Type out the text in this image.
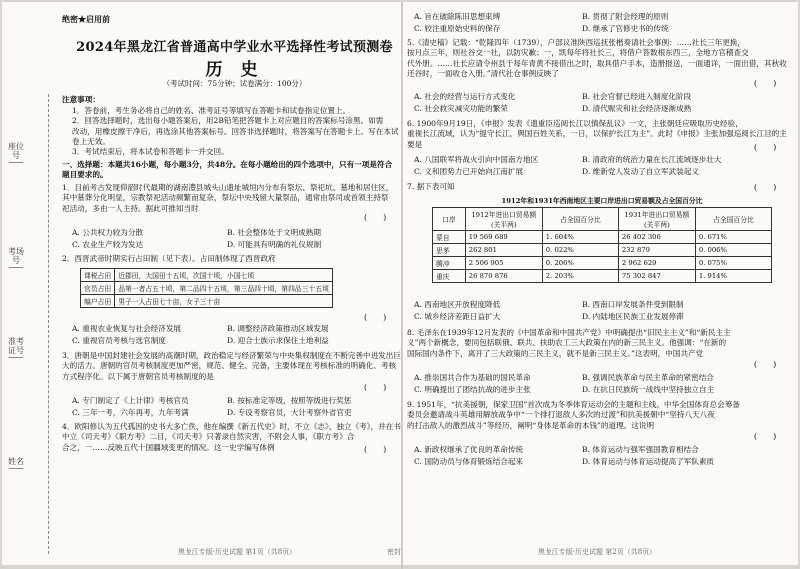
座位号
考场号
准考证号
姓名
绝密★启用前
2024年黑龙江省普通高中学业水平选择性考试预测卷
历 史
（考试时间：75分钟；试卷满分：100分）
注意事项：
1．答卷前，考生务必将自己的姓名、准考证号等填写在答题卡和试卷指定位置上。
2．回答选择题时，选出每小题答案后，用2B铅笔把答题卡上对应题目的答案标号涂黑。如需
改动，用橡皮擦干净后，再选涂其他答案标号。回答非选择题时，将答案写在答题卡上。写在本试
卷上无效。
3．考试结束后，将本试卷和答题卡一并交回。
一、选择题：本题共16小题，每小题3分，共48分。在每小题给出的四个选项中，只有一项是符合
题目要求的。
1．目前考古发现仰韶时代最期的湖南澧县城头山遗址城垣内分布有祭坛、祭祀坑、墓地和居住区，
其中墓葬分化明显，宗教祭祀活动频繁而复杂，祭坛中央残留大量祭品，通常由祭司或首领主持祭
祀活动，多由一人主持。据此可推知当时
(　　)
A. 公共权力较为分散	B. 社会整体处于文明成熟期
C. 农业生产较为发达	D. 可能具有明确的礼仪规制
2．西晋武帝时期实行占田制（见下表）。占田制体现了西晋政府
课税占田	近郡田，大国田十五顷，次国十顷，小国七顷
官员占田	品第一者占五十顷，第二品四十五顷，第三品四十顷，第四品三十五顷
编户占田	男子一人占田七十亩，女子三十亩
(　　)
A. 重视农业恢复与社会经济发展	B. 调整经济政策推动区域发展
C. 重视官员考核与选官制度	D. 迎合士族示求保住土地利益
3．唐朝是中国封建社会发展的高潮时期，政治稳定与经济繁荣与中央集权制度在不断完善中进发出巨
大的活力。唐朝的官员考核制度更加严密，规范、健全、完备，主要体现在考核标准的明确化、考核
方式程序化。以下属于唐朝官员考核制度的是
(　　)
A. 专门制定了《上计律》考核官员	B. 按标准定等级，按照等级进行奖惩
C. 三年一考，六年再考，九年考满	D. 专设考察官员，大计考察外省官吏
4．欧阳修认为五代孤因的史书大多亡佚，他在编撰《新五代史》时，不立《志》，独立《考》，并在书
中立《司天考》《职方考》二目，《司天考》只著录自然灾害，不附会人事，《职方考》合
合之，一……反映五代十国疆域变更的情况。这一史学编写体例	(　　)
黑龙江专版·历史试题 第1页（共8页）	密封
A. 旨在破除陈旧思想束缚	B. 贯彻了附会经理的原则
C. 较注重原始史料的保存	D. 继承了官修史书的传统
5.《清史稿》记载：“乾隆四年（1739），户部议准陕西巡抚张楷奏请社会事例：……社长三年更换，
按月点三年，则社谷交一社，以防灾歉；一，凯每年将社长三，将借户答数根东西三，全地方官稽查交
代外册。……社长应请令州县于每年青黄不接借出之时，取具借户手本，造册报送，一面通详，一面出借，其秋收
还谷时，一面收仓入册。”清代社仓事例反映了
(　　)
A. 社会的经营与运行方式变化	B. 社会官督已经进入制度化阶段
C. 社会救灾减灾功能的繁荣	D. 清代赈灾和社会经济逐渐成熟
6. 1900年9月19日，《申报》发表《遗重臣巡阅长江以慎保乱议》一文，主张朝廷应吸取历史经验，
重视长江流域，认为“提守长江，舆国百姓关系，一日，以保护长江为主”。此时《申报》主张加强巡阅长江目的主要是	(　　)
A. 八国联军将战火引向中国南方地区	B. 清政府的统治力量在长江流域逐步壮大
C. 义和团势力已开始向江南扩展	D. 维新党人发动了自立军武装起义
7. 据下表可知	(　　)
1912年和1931年西南地区主要口岸进出口贸易额及占全国百分比
口岸	1912年进出口贸易额(关平两)	占全国百分比	1931年进出口贸易额(关平两)	占全国百分比
蒙自	19 569 689	1. 604%	26 402 306	0. 671%
思茅	262 801	0. 022%	232 879	0. 006%
腾冲	2 506 905	0. 206%	2 962 629	0. 075%
重庆	26 870 876	2. 203%	75 302 847	1. 914%
A. 西南地区开放程度降低	B. 西南口岸发展条件受到限制
C. 城乡经济差距日益扩大	D. 内陆地区民族工业发展停滞
8. 毛泽东在1939年12月发表的《中国革命和中国共产党》中明确提出“旧民主主义”和“新民主主
义”两个新概念，要同包括联俄、联共、扶助农工三大政策在内的新三民主义。他强调：“在新的
国际国内条件下，离开了三大政策的三民主义，就不是新三民主义。”这表明，中国共产党
(　　)
A. 推崇国共合作为基础的国民革命	B. 强调民族革命与民主革命的紧密结合
C. 明确提出了团结抗战的进步主张	D. 在抗日民族统一战线中坚持独立自主
9. 1951年，“抗美援朝，保家卫国”首次成为冬季体育运动会的主题和主线。中华全国体育总会筹备
委员会邀请战斗英雄用解放战争中“一个排打退敌人多次的过渡”和抗美援朝中“坚持八天八夜
的打击敌人的激烈战斗”等经历，阐明“身体是革命的本钱”的道理。这说明
(　　)
A. 新政权继承了优良的革命传统	B. 体育运动与强军强国教育相结合
C. 国防动员与体育锻炼结合起来	D. 体育运动与体育运动提高了军队素质
黑龙江专版·历史试题 第2页（共8页）
